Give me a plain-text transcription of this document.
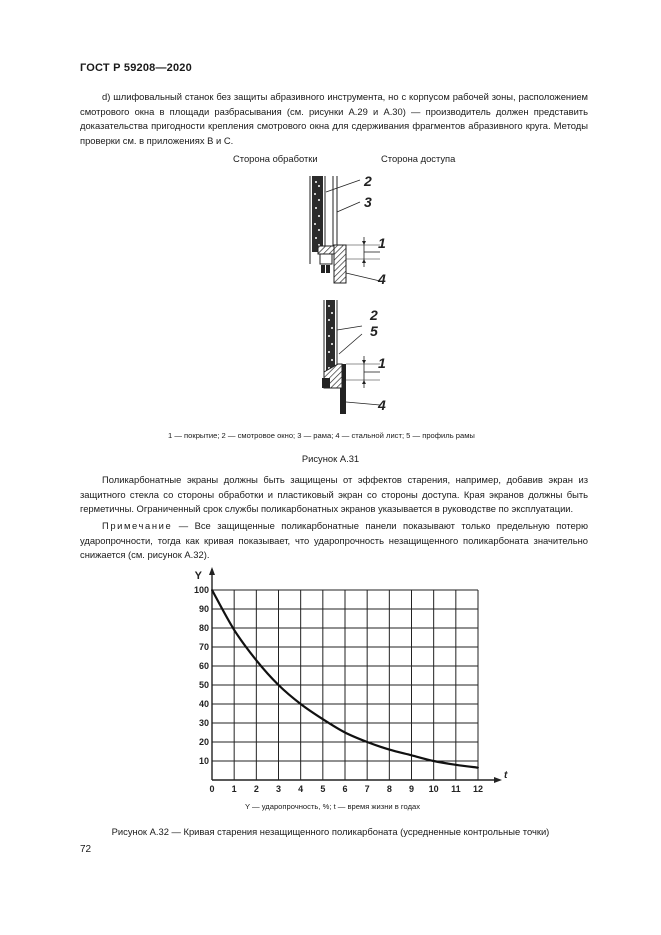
ГОСТ Р 59208—2020
d) шлифовальный станок без защиты абразивного инструмента, но с корпусом рабочей зоны, расположением смотрового окна в площади разбрасывания (см. рисунки А.29 и А.30) — производитель должен представить доказательства пригодности крепления смотрового окна для сдерживания фрагментов абразивного круга. Методы проверки см. в приложениях В и С.
Сторона обработки	Сторона доступа
2
3
1
4
2
5
1
4
1 — покрытие; 2 — смотровое окно; 3 — рама; 4 — стальной лист; 5 — профиль рамы
Рисунок А.31
Поликарбонатные экраны должны быть защищены от эффектов старения, например, добавив экран из защитного стекла со стороны обработки и пластиковый экран со стороны доступа. Края экранов должны быть герметичны. Ограниченный срок службы поликарбонатных экранов указывается в руководстве по эксплуатации.
Примечание — Все защищенные поликарбонатные панели показывают только предельную потерю ударопрочности, тогда как кривая показывает, что ударопрочность незащищенного поликарбоната значительно снижается (см. рисунок А.32).
Y
t
0 1 2 3 4 5 6 7 8 9 10 11 12
10
20
30
40
50
60
70
80
90
100
Y — ударопрочность, %; t — время жизни в годах
Рисунок А.32 — Кривая старения незащищенного поликарбоната (усредненные контрольные точки)
72
